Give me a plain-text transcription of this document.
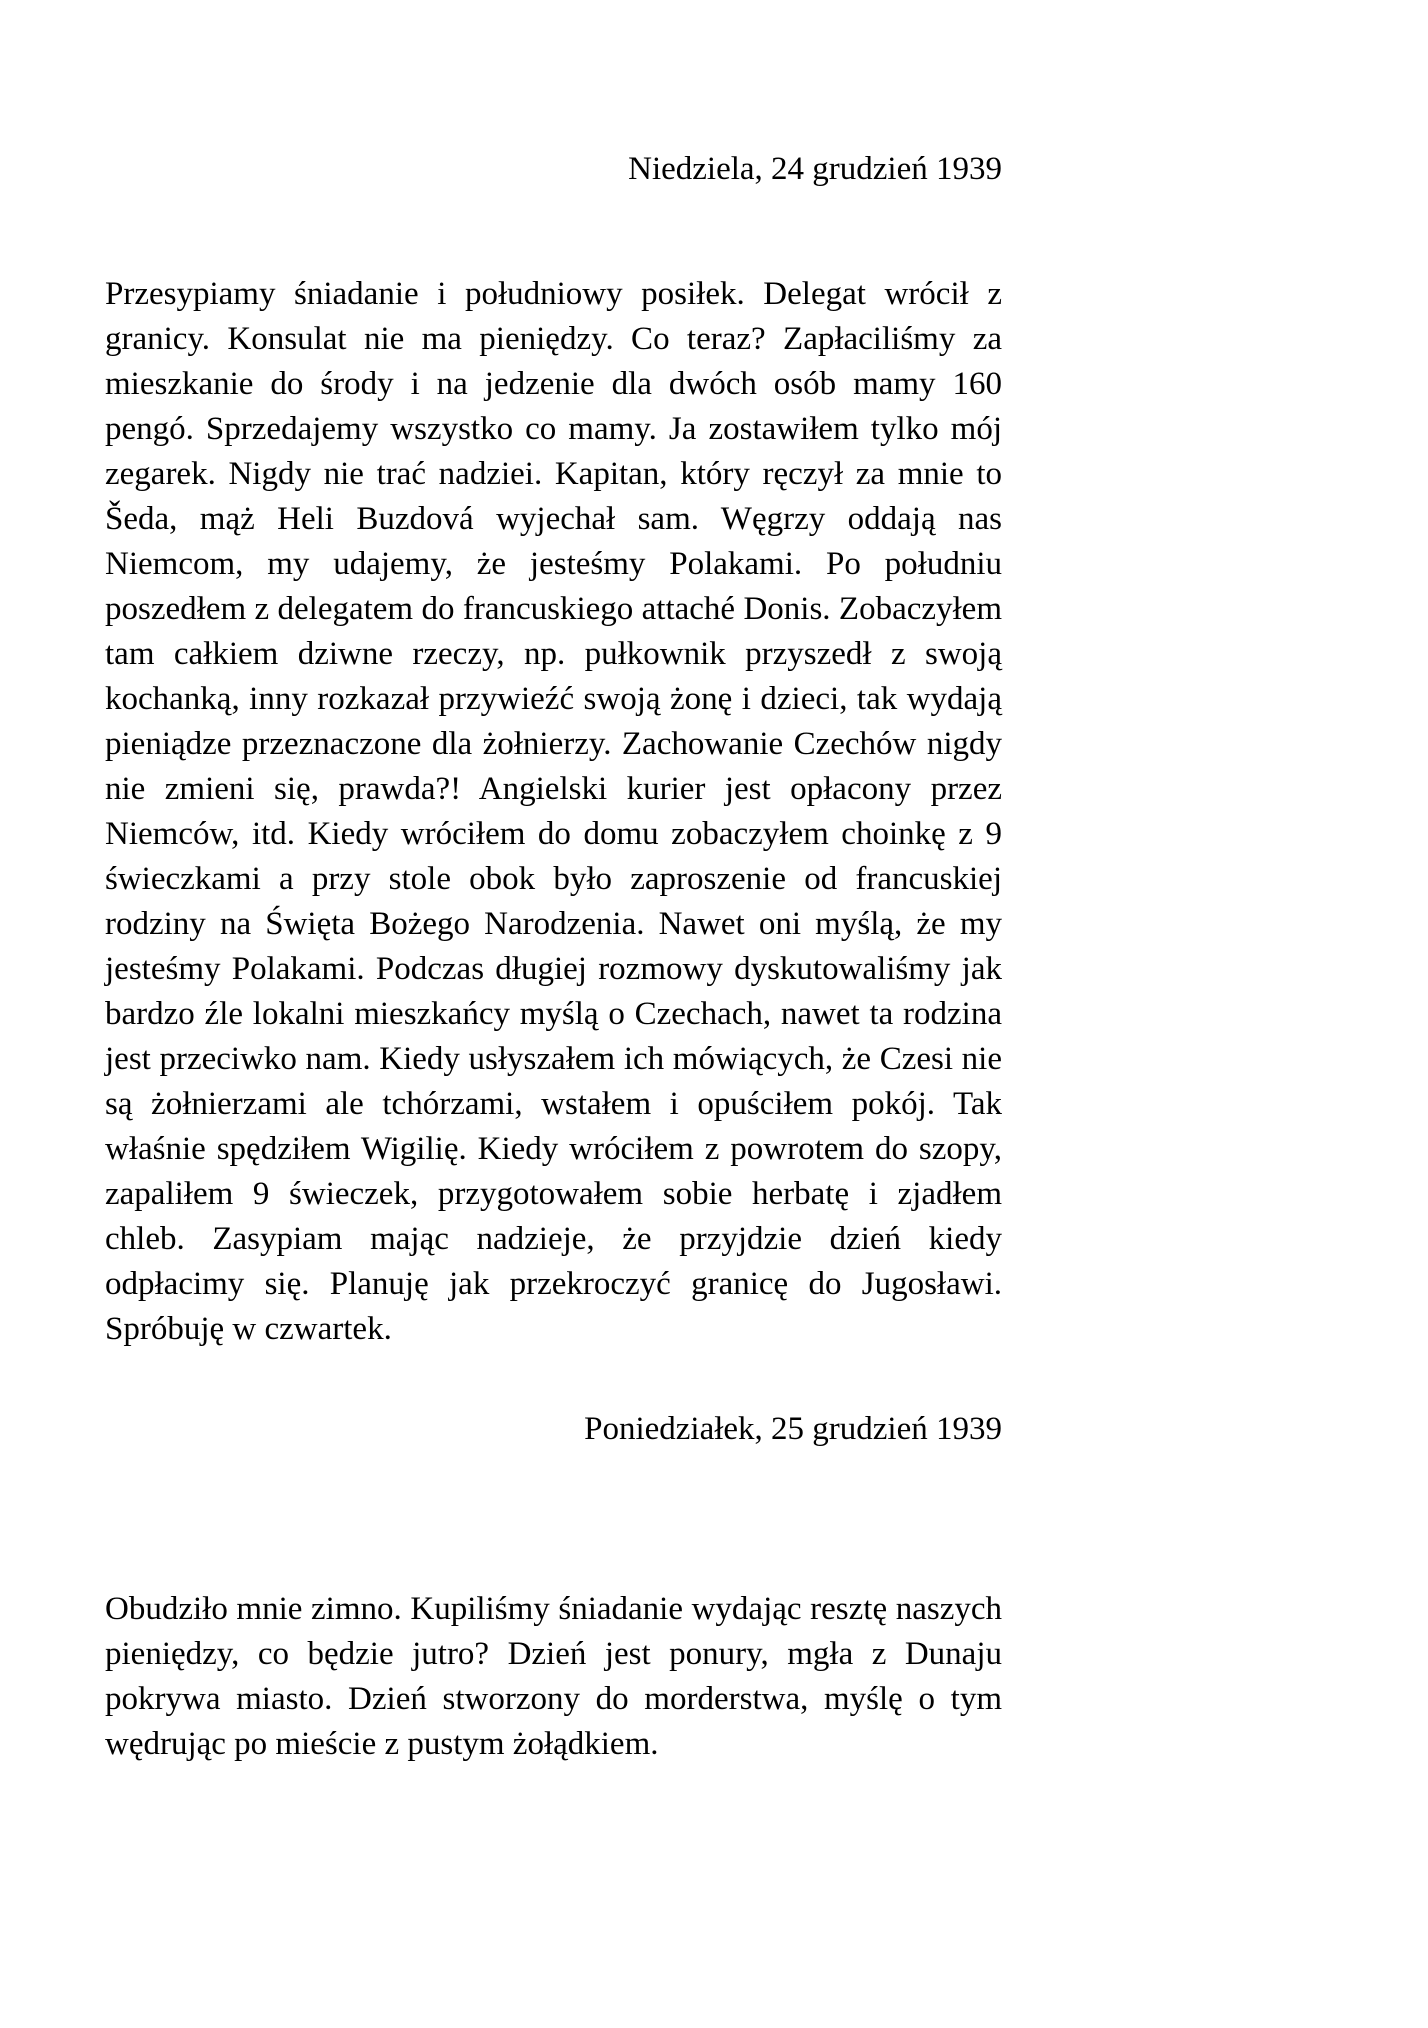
Niedziela, 24 grudzień 1939

Przesypiamy śniadanie i południowy posiłek. Delegat wrócił z granicy. Konsulat nie ma pieniędzy. Co teraz? Zapłaciliśmy za mieszkanie do środy i na jedzenie dla dwóch osób mamy 160 pengó. Sprzedajemy wszystko co mamy. Ja zostawiłem tylko mój zegarek. Nigdy nie trać nadziei. Kapitan, który ręczył za mnie to Šeda, mąż Heli Buzdová wyjechał sam. Węgrzy oddają nas Niemcom, my udajemy, że jesteśmy Polakami. Po południu poszedłem z delegatem do francuskiego attaché Donis. Zobaczyłem tam całkiem dziwne rzeczy, np. pułkownik przyszedł z swoją kochanką, inny rozkazał przywieźć swoją żonę i dzieci, tak wydają pieniądze przeznaczone dla żołnierzy. Zachowanie Czechów nigdy nie zmieni się, prawda?! Angielski kurier jest opłacony przez Niemców, itd. Kiedy wróciłem do domu zobaczyłem choinkę z 9 świeczkami a przy stole obok było zaproszenie od francuskiej rodziny na Święta Bożego Narodzenia. Nawet oni myślą, że my jesteśmy Polakami. Podczas długiej rozmowy dyskutowaliśmy jak bardzo źle lokalni mieszkańcy myślą o Czechach, nawet ta rodzina jest przeciwko nam. Kiedy usłyszałem ich mówiących, że Czesi nie są żołnierzami ale tchórzami, wstałem i opuściłem pokój. Tak właśnie spędziłem Wigilię. Kiedy wróciłem z powrotem do szopy, zapaliłem 9 świeczek, przygotowałem sobie herbatę i zjadłem chleb. Zasypiam mając nadzieje, że przyjdzie dzień kiedy odpłacimy się. Planuję jak przekroczyć granicę do Jugosławi. Spróbuję w czwartek.

Poniedziałek, 25 grudzień 1939

Obudziło mnie zimno. Kupiliśmy śniadanie wydając resztę naszych pieniędzy, co będzie jutro? Dzień jest ponury, mgła z Dunaju pokrywa miasto. Dzień stworzony do morderstwa, myślę o tym wędrując po mieście z pustym żołądkiem.
